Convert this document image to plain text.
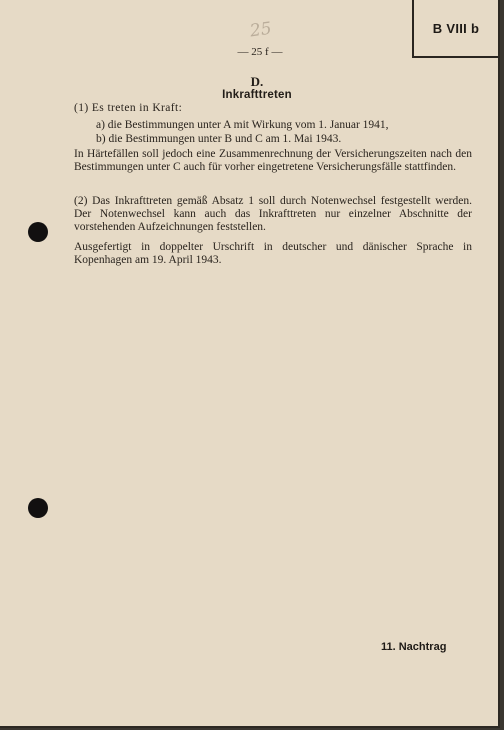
B VIII b
25
— 25 f —
D.
Inkrafttreten
(1) Es treten in Kraft:
a) die Bestimmungen unter A mit Wirkung vom 1. Januar 1941,
b) die Bestimmungen unter B und C am 1. Mai 1943.
In Härtefällen soll jedoch eine Zusammenrechnung der Versicherungszeiten nach den Bestimmungen unter C auch für vorher eingetretene Versicherungsfälle stattfinden.
(2) Das Inkrafttreten gemäß Absatz 1 soll durch Notenwechsel festgestellt werden. Der Notenwechsel kann auch das Inkrafttreten nur einzelner Abschnitte der vorstehenden Aufzeichnungen feststellen.
Ausgefertigt in doppelter Urschrift in deutscher und dänischer Sprache in Kopenhagen am 19. April 1943.
11. Nachtrag
